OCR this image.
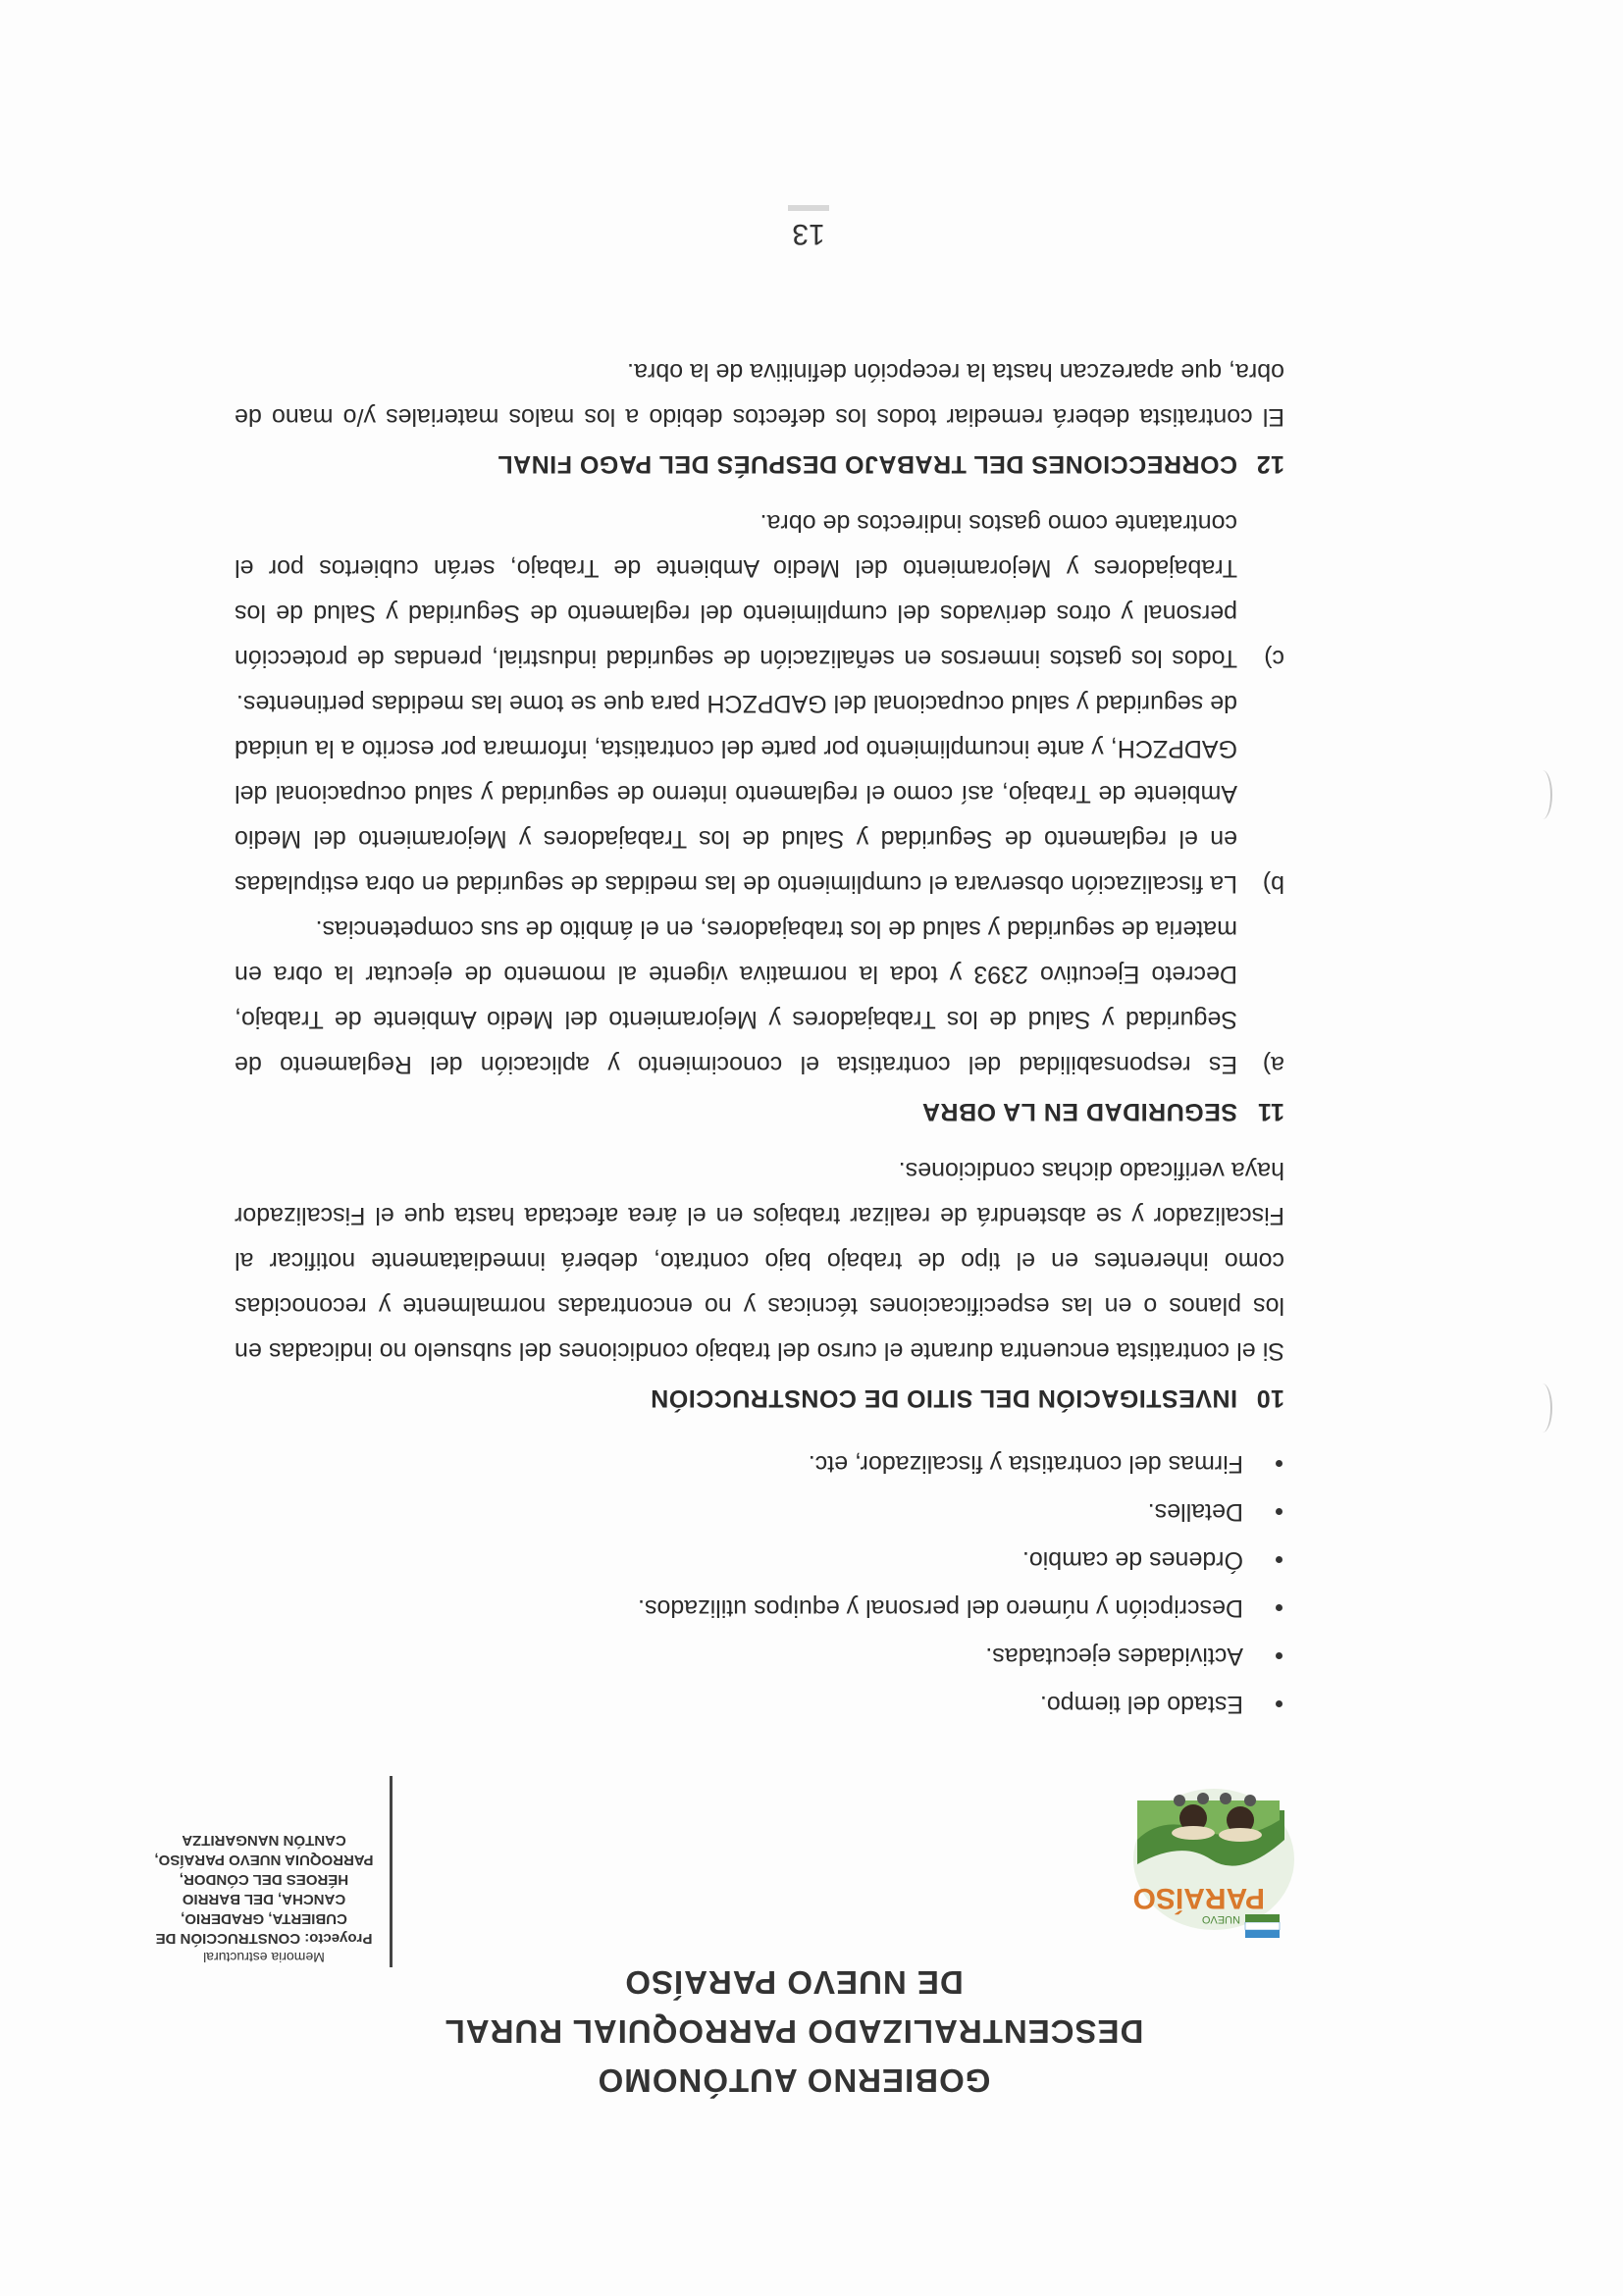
NUEVO
PARAÍSO
GOBIERNO AUTÓNOMO
DESCENTRALIZADO PARROQUIAL RURAL
DE NUEVO PARAÍSO
Memoria estructural
Proyecto: CONSTRUCCIÓN DE CUBIERTA, GRADERIO, CANCHA, DEL BARRIO HÉROES DEL CÓNDOR, PARROQUIA NUEVO PARAÍSO, CANTÓN NANGARITZA
Estado del tiempo.
Actividades ejecutadas.
Descripción y número del personal y equipos utilizados.
Órdenes de cambio.
Detalles.
Firmas del contratista y fiscalizador, etc.
10INVESTIGACIÓN DEL SITIO DE CONSTRUCCIÓN

Si el contratista encuentra durante el curso del trabajo condiciones del subsuelo no indicadas en los planos o en las especificaciones técnicas y no encontradas normalmente y reconocidas como inherentes en el tipo de trabajo bajo contrato, deberá inmediatamente notificar al Fiscalizador y se abstendrá de realizar trabajos en el área afectada hasta que el Fiscalizador haya verificado dichas condiciones.

11SEGURIDAD EN LA OBRA
a)
Es responsabilidad del contratista el conocimiento y aplicación del Reglamento de Seguridad y Salud de los Trabajadores y Mejoramiento del Medio Ambiente de Trabajo, Decreto Ejecutivo 2393 y toda la normativa vigente al momento de ejecutar la obra en materia de seguridad y salud de los trabajadores, en el ámbito de sus competencias.
b)
La fiscalización observara el cumplimiento de las medidas de seguridad en obra estipuladas en el reglamento de Seguridad y Salud de los Trabajadores y Mejoramiento del Medio Ambiente de Trabajo, así como el reglamento interno de seguridad y salud ocupacional del GADPZCH, y ante incumplimiento por parte del contratista, informara por escrito a la unidad de seguridad y salud ocupacional del GADPZCH para que se tome las medidas pertinentes.
c)
Todos los gastos inmersos en señalización de seguridad industrial, prendas de protección personal y otros derivados del cumplimiento del reglamento de Seguridad y Salud de los Trabajadores y Mejoramiento del Medio Ambiente de Trabajo, serán cubiertos por el contratante como gastos indirectos de obra.
12CORRECCIONES DEL TRABAJO DESPUÉS DEL PAGO FINAL

El contratista deberá remediar todos los defectos debido a los malos materiales y/o mano de obra, que aparezcan hasta la recepción definitiva de la obra.

13
